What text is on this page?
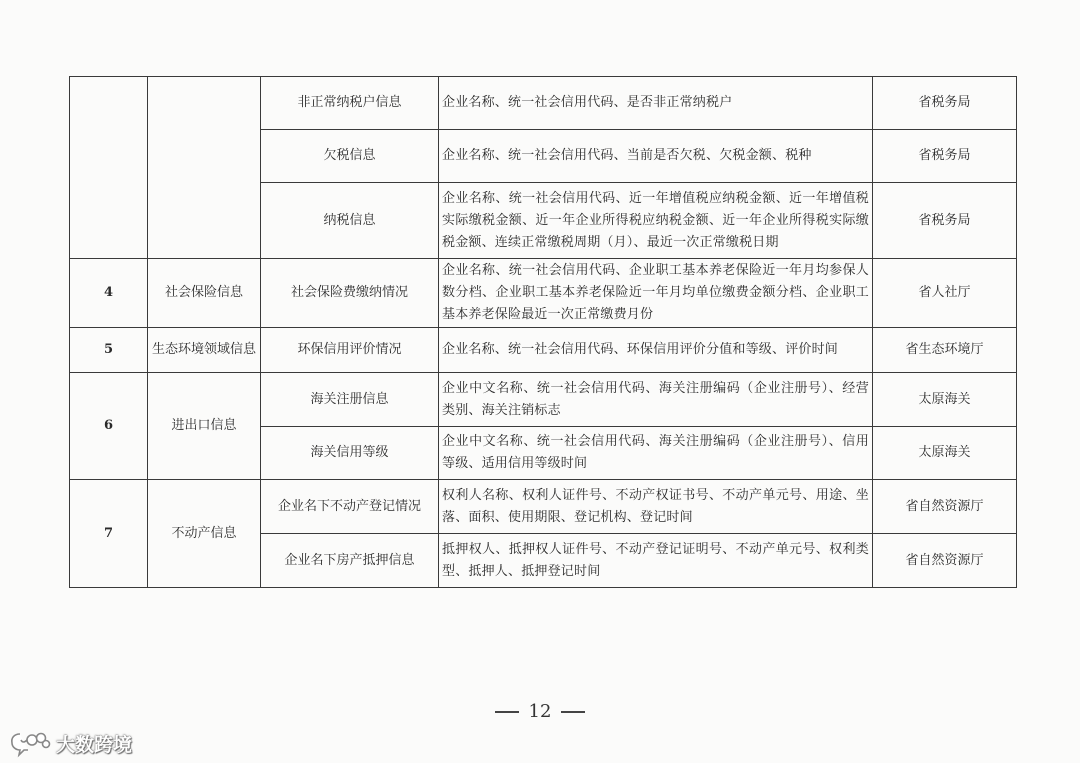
		非正常纳税户信息	企业名称、统一社会信用代码、是否非正常纳税户	省税务局
		欠税信息	企业名称、统一社会信用代码、当前是否欠税、欠税金额、税种	省税务局
		纳税信息	企业名称、统一社会信用代码、近一年增值税应纳税金额、近一年增值税实际缴税金额、近一年企业所得税应纳税金额、近一年企业所得税实际缴税金额、连续正常缴税周期（月）、最近一次正常缴税日期	省税务局
4	社会保险信息	社会保险费缴纳情况	企业名称、统一社会信用代码、企业职工基本养老保险近一年月均参保人数分档、企业职工基本养老保险近一年月均单位缴费金额分档、企业职工基本养老保险最近一次正常缴费月份	省人社厅
5	生态环境领域信息	环保信用评价情况	企业名称、统一社会信用代码、环保信用评价分值和等级、评价时间	省生态环境厅
6	进出口信息	海关注册信息	企业中文名称、统一社会信用代码、海关注册编码（企业注册号）、经营类别、海关注销标志	太原海关
		海关信用等级	企业中文名称、统一社会信用代码、海关注册编码（企业注册号）、信用等级、适用信用等级时间	太原海关
7	不动产信息	企业名下不动产登记情况	权利人名称、权利人证件号、不动产权证书号、不动产单元号、用途、坐落、面积、使用期限、登记机构、登记时间	省自然资源厅
		企业名下房产抵押信息	抵押权人、抵押权人证件号、不动产登记证明号、不动产单元号、权利类型、抵押人、抵押登记时间	省自然资源厅
12
大数跨境
